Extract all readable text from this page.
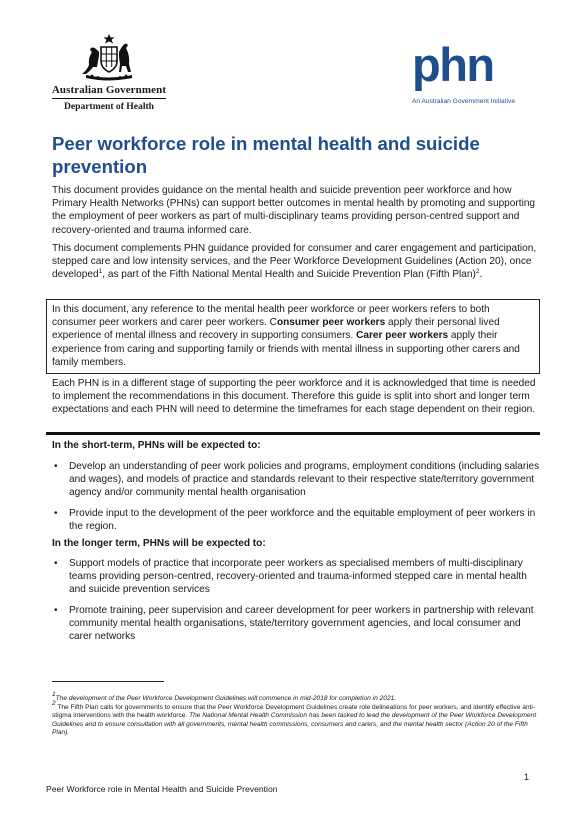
Australian Government
Department of Health
phn
An Australian Government Initiative
Peer workforce role in mental health and suicide prevention

This document provides guidance on the mental health and suicide prevention peer workforce and how Primary Health Networks (PHNs) can support better outcomes in mental health by promoting and supporting the employment of peer workers as part of multi-disciplinary teams providing person-centred support and recovery-oriented and trauma informed care.

This document complements PHN guidance provided for consumer and carer engagement and participation, stepped care and low intensity services, and the Peer Workforce Development Guidelines (Action 20), once developed$^1$, as part of the Fifth National Mental Health and Suicide Prevention Plan (Fifth Plan)$^2$.

In this document, any reference to the mental health peer workforce or peer workers refers to both consumer peer workers and carer peer workers. Consumer peer workers apply their personal lived experience of mental illness and recovery in supporting consumers. Carer peer workers apply their experience from caring and supporting family or friends with mental illness in supporting other carers and family members.

Each PHN is in a different stage of supporting the peer workforce and it is acknowledged that time is needed to implement the recommendations in this document. Therefore this guide is split into short and longer term expectations and each PHN will need to determine the timeframes for each stage dependent on their region.

In the short-term, PHNs will be expected to:

• Develop an understanding of peer work policies and programs, employment conditions (including salaries and wages), and models of practice and standards relevant to their respective state/territory government agency and/or community mental health organisation
• Provide input to the development of the peer workforce and the equitable employment of peer workers in the region.

In the longer term, PHNs will be expected to:

• Support models of practice that incorporate peer workers as specialised members of multi-disciplinary teams providing person-centred, recovery-oriented and trauma-informed stepped care in mental health and suicide prevention services
• Promote training, peer supervision and career development for peer workers in partnership with relevant community mental health organisations, state/territory government agencies, and local consumer and carer networks

$^1$The development of the Peer Workforce Development Guidelines will commence in mid-2018 for completion in 2021.

$^2$ The Fifth Plan calls for governments to ensure that the Peer Workforce Development Guidelines create role delineations for peer workers, and identify effective anti-stigma interventions with the health workforce. The National Mental Health Commission has been tasked to lead the development of the Peer Workforce Development Guidelines and to ensure consultation with all governments, mental health commissions, consumers and carers, and the mental health sector (Action 20 of the Fifth Plan).

1
Peer Workforce role in Mental Health and Suicide Prevention
